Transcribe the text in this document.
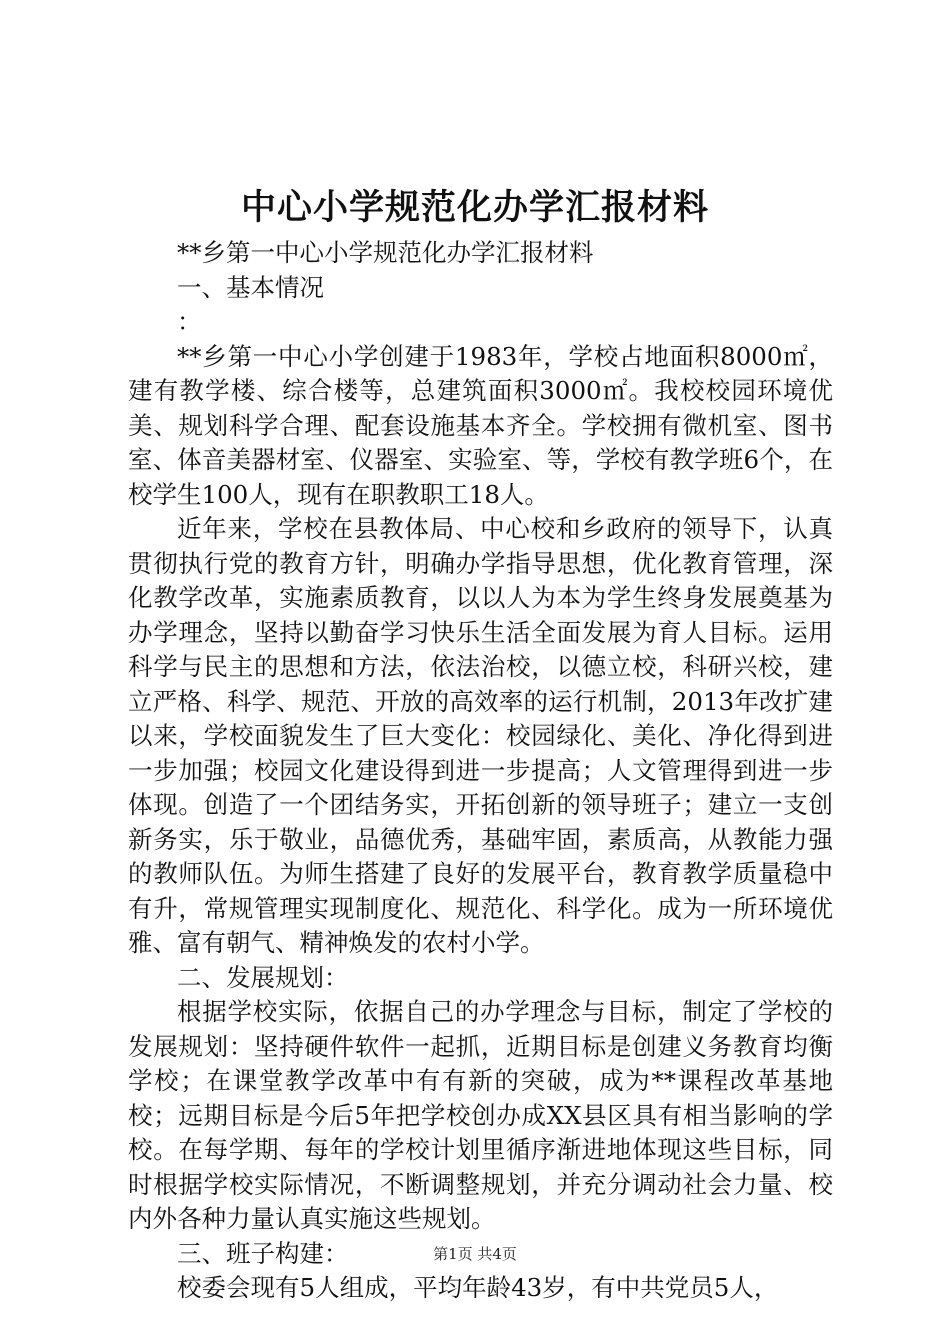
中心小学规范化办学汇报材料

**乡第一中心小学规范化办学汇报材料

一、基本情况

：

**乡第一中心小学创建于1983年，学校占地面积8000㎡，建有教学楼、综合楼等，总建筑面积3000㎡。我校校园环境优美、规划科学合理、配套设施基本齐全。学校拥有微机室、图书室、体音美器材室、仪器室、实验室、等，学校有教学班6个，在校学生100人，现有在职教职工18人。

近年来，学校在县教体局、中心校和乡政府的领导下，认真贯彻执行党的教育方针，明确办学指导思想，优化教育管理，深化教学改革，实施素质教育，以以人为本为学生终身发展奠基为办学理念，坚持以勤奋学习快乐生活全面发展为育人目标。运用科学与民主的思想和方法，依法治校，以德立校，科研兴校，建立严格、科学、规范、开放的高效率的运行机制，2013年改扩建以来，学校面貌发生了巨大变化：校园绿化、美化、净化得到进一步加强；校园文化建设得到进一步提高；人文管理得到进一步体现。创造了一个团结务实，开拓创新的领导班子；建立一支创新务实，乐于敬业，品德优秀，基础牢固，素质高，从教能力强的教师队伍。为师生搭建了良好的发展平台，教育教学质量稳中有升，常规管理实现制度化、规范化、科学化。成为一所环境优雅、富有朝气、精神焕发的农村小学。

二、发展规划：

根据学校实际，依据自己的办学理念与目标，制定了学校的发展规划：坚持硬件软件一起抓，近期目标是创建义务教育均衡学校；在课堂教学改革中有有新的突破，成为**课程改革基地校；远期目标是今后5年把学校创办成XX县区具有相当影响的学校。在每学期、每年的学校计划里循序渐进地体现这些目标，同时根据学校实际情况，不断调整规划，并充分调动社会力量、校内外各种力量认真实施这些规划。

三、班子构建：

校委会现有5人组成，平均年龄43岁，有中共党员5人，

第1页 共4页
